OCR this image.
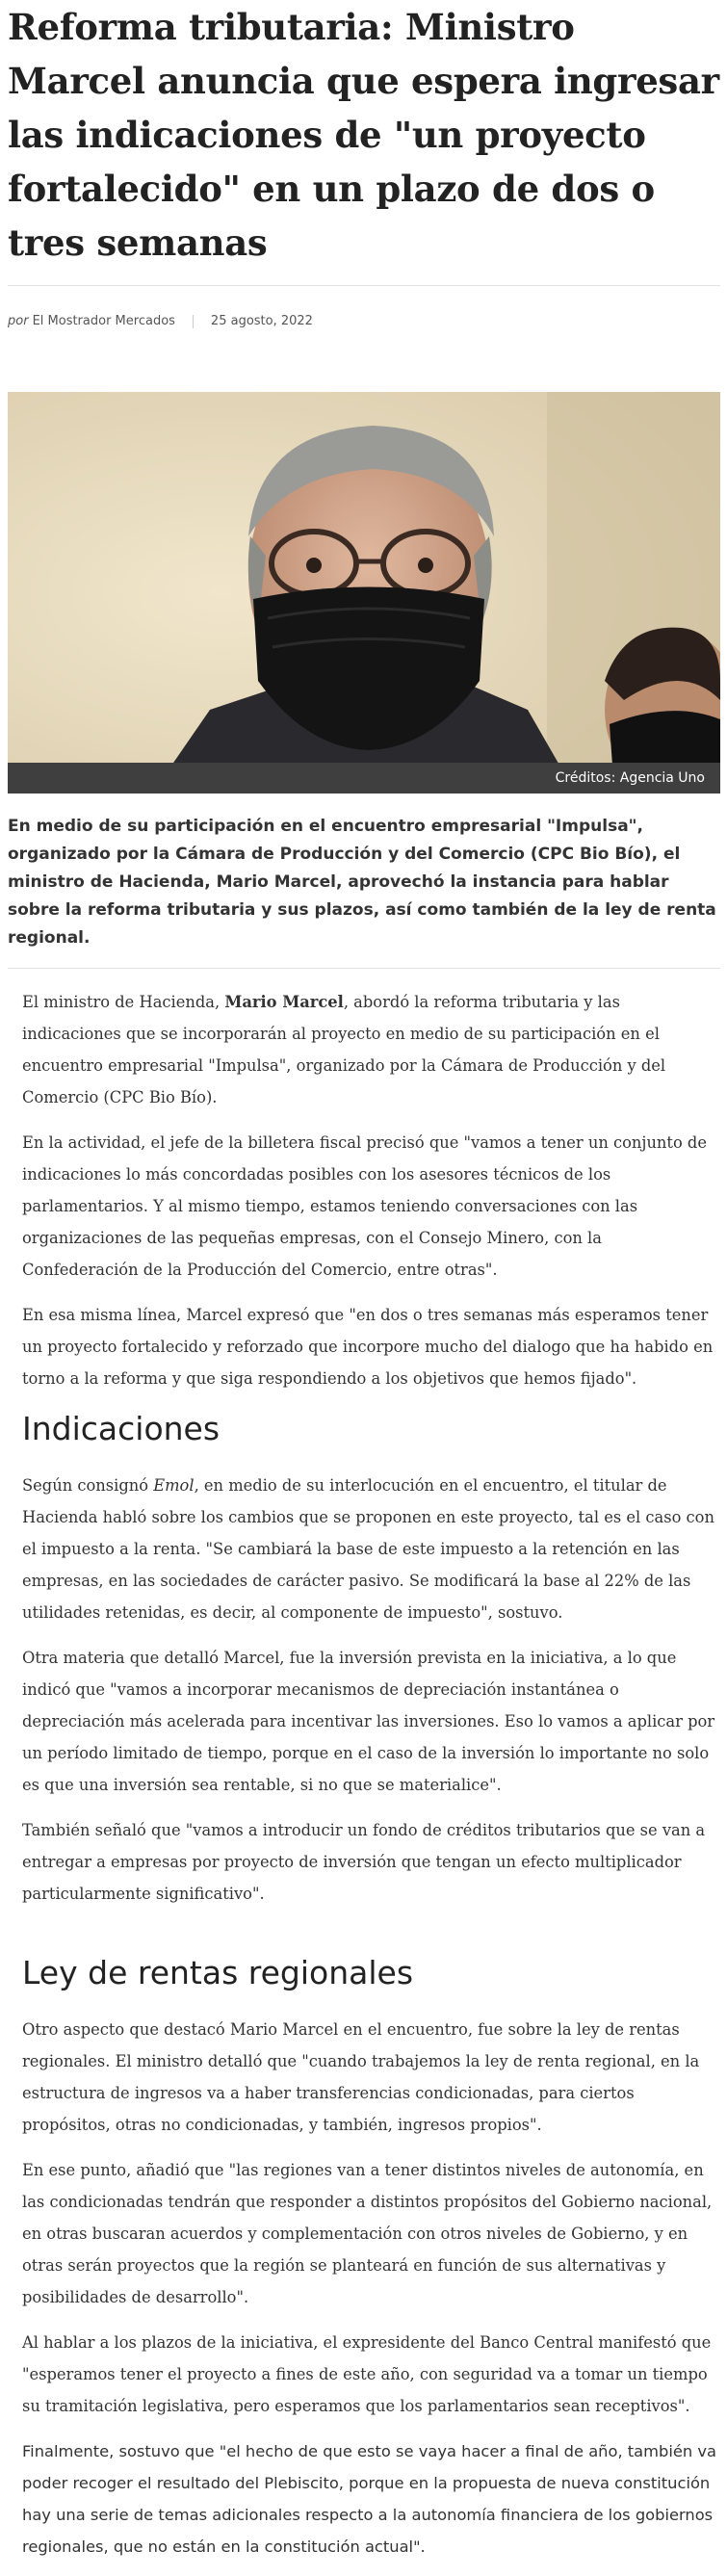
Reforma tributaria: Ministro Marcel anuncia que espera ingresar las indicaciones de "un proyecto fortalecido" en un plazo de dos o tres semanas
por El Mostrador Mercados	25 agosto, 2022
Créditos: Agencia Uno

En medio de su participación en el encuentro empresarial "Impulsa", organizado por la Cámara de Producción y del Comercio (CPC Bio Bío), el ministro de Hacienda, Mario Marcel, aprovechó la instancia para hablar sobre la reforma tributaria y sus plazos, así como también de la ley de renta regional.

El ministro de Hacienda, Mario Marcel, abordó la reforma tributaria y las indicaciones que se incorporarán al proyecto en medio de su participación en el encuentro empresarial "Impulsa", organizado por la Cámara de Producción y del Comercio (CPC Bio Bío).

En la actividad, el jefe de la billetera fiscal precisó que "vamos a tener un conjunto de indicaciones lo más concordadas posibles con los asesores técnicos de los parlamentarios. Y al mismo tiempo, estamos teniendo conversaciones con las organizaciones de las pequeñas empresas, con el Consejo Minero, con la Confederación de la Producción del Comercio, entre otras".

En esa misma línea, Marcel expresó que "en dos o tres semanas más esperamos tener un proyecto fortalecido y reforzado que incorpore mucho del dialogo que ha habido en torno a la reforma y que siga respondiendo a los objetivos que hemos fijado".

Indicaciones

Según consignó Emol, en medio de su interlocución en el encuentro, el titular de Hacienda habló sobre los cambios que se proponen en este proyecto, tal es el caso con el impuesto a la renta. "Se cambiará la base de este impuesto a la retención en las empresas, en las sociedades de carácter pasivo. Se modificará la base al 22% de las utilidades retenidas, es decir, al componente de impuesto", sostuvo.

Otra materia que detalló Marcel, fue la inversión prevista en la iniciativa, a lo que indicó que "vamos a incorporar mecanismos de depreciación instantánea o depreciación más acelerada para incentivar las inversiones. Eso lo vamos a aplicar por un período limitado de tiempo, porque en el caso de la inversión lo importante no solo es que una inversión sea rentable, si no que se materialice".

También señaló que "vamos a introducir un fondo de créditos tributarios que se van a entregar a empresas por proyecto de inversión que tengan un efecto multiplicador particularmente significativo".

Ley de rentas regionales

Otro aspecto que destacó Mario Marcel en el encuentro, fue sobre la ley de rentas regionales. El ministro detalló que "cuando trabajemos la ley de renta regional, en la estructura de ingresos va a haber transferencias condicionadas, para ciertos propósitos, otras no condicionadas, y también, ingresos propios".

En ese punto, añadió que "las regiones van a tener distintos niveles de autonomía, en las condicionadas tendrán que responder a distintos propósitos del Gobierno nacional, en otras buscaran acuerdos y complementación con otros niveles de Gobierno, y en otras serán proyectos que la región se planteará en función de sus alternativas y posibilidades de desarrollo".

Al hablar a los plazos de la iniciativa, el expresidente del Banco Central manifestó que "esperamos tener el proyecto a fines de este año, con seguridad va a tomar un tiempo su tramitación legislativa, pero esperamos que los parlamentarios sean receptivos".

Finalmente, sostuvo que "el hecho de que esto se vaya hacer a final de año, también va poder recoger el resultado del Plebiscito, porque en la propuesta de nueva constitución hay una serie de temas adicionales respecto a la autonomía financiera de los gobiernos regionales, que no están en la constitución actual".
